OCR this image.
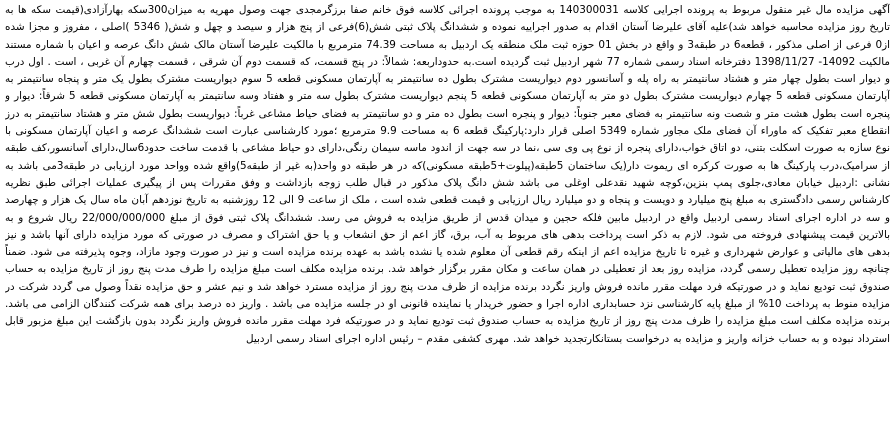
آگهی مزایده مال غیر منقول مربوط به پرونده اجرایی کلاسه 140300031 به موجب پرونده اجرائی کلاسه فوق خانم صفا برزگرمجدی جهت وصول مهریه به میزان300سکه بهارآزادی(قیمت سکه ها به تاریخ روز مزایده محاسبه خواهد شد)علیه آقای علیرضا آستان اقدام به صدور اجراییه نموده و ششدانگ پلاک ثبتی شش(6)فرعی از پنج هزار و سیصد و چهل و شش( 5346 )اصلی ، مفروز و مجزا شده از0 فرعی از اصلی مذکور ، قطعه6 در طبقه3 و واقع در بخش 01 حوزه ثبت ملک منطقه یک اردبیل به مساحت 74.39 مترمربع با مالکیت علیرضا آستان مالک شش دانگ عرصه و اعیان با شماره مستند مالکیت 14092- 1398/11/27 دفترخانه اسناد رسمی شماره 77 شهر اردبیل ثبت گردیده است.به حدوداربعه: شمالاً: در پنج قسمت، که قسمت دوم آن شرقی ، قسمت چهارم آن غربی ، است . اول درب و دیوار است بطول چهار متر و هشتاد سانتیمتر به راه پله و آسانسور دوم دیواریست مشترک بطول ده سانتیمتر به آپارتمان مسکونی قطعه 5 سوم دیواریست مشترک بطول یک متر و پنجاه سانتیمتر به آپارتمان مسکونی قطعه 5 چهارم دیواریست مشترک بطول دو متر به آپارتمان مسکونی قطعه 5 پنجم دیواریست مشترک بطول سه متر و هفتاد وسه سانتیمتر به آپارتمان مسکونی قطعه 5 شرقاً: دیوار و پنجره است بطول هشت متر و شصت ونه سانتیمتر به فضای معبر جنوباً: دیوار و پنجره است بطول ده متر و دو سانتیمتر به فضای حیاط مشاعی غرباً: دیواریست بطول شش متر و هشتاد سانتیمتر به درز انقطاع معبر تفکیک که ماوراء آن فضای ملک مجاور شماره 5349 اصلی قرار دارد:پارکینگ قطعه 6 به مساحت 9.9 مترمربع ؛مورد کارشناسی عبارت است ششدانگ عرصه و اعیان آپارتمان مسکونی با نوع سازه به صورت اسکلت بتنی، دو اتاق خواب،دارای پنجره از نوع پی وی سی ،نما در سه جهت از اندود ماسه سیمان رنگی،دارای دو حیاط مشاعی با قدمت ساخت حدود6سال،دارای آسانسور،کف طبقه از سرامیک،درب پارکینگ ها به صورت کرکره ای ریموت دار(یک ساختمان 5طبقه(پیلوت+5طبقه مسکونی)که در هر طبقه دو واحد(به غیر از طبقه5)واقع شده وواحد مورد ارزیابی در طبقه3می باشد به نشانی :اردبیل خیابان معادی،جلوی پمپ بنزین،کوچه شهید نقدعلی اوغلی می باشد شش دانگ پلاک مذکور در قبال طلب زوجه بازداشت و وفق مقررات پس از پیگیری عملیات اجرائی طبق نظریه کارشناس رسمی دادگستری به مبلغ پنج میلیارد و دویست و پنجاه و دو میلیارد ریال ارزیابی و قیمت قطعی شده است ، ملک از ساعت 9 الی 12 روزشنبه به تاریخ نوزدهم آبان ماه سال یک هزار و چهارصد و سه در اداره اجرای اسناد رسمی اردبیل واقع در اردبیل مابین فلکه حجین و میدان قدس از طریق مزایده به فروش می رسد. ششدانگ پلاک ثبتی فوق از مبلغ 22/000/000/000 ریال شروع و به بالاترین قیمت پیشنهادی فروخته می شود. لازم به ذکر است پرداخت بدهی های مربوط به آب، برق، گاز اعم از حق انشعاب و یا حق اشتراک و مصرف در صورتی که مورد مزایده دارای آنها باشد و نیز بدهی های مالیاتی و عوارض شهرداری و غیره تا تاریخ مزایده اعم از اینکه رقم قطعی آن معلوم شده یا نشده باشد به عهده برنده مزایده است و نیز در صورت وجود مازاد، وجوه پذیرفته می شود. ضمناً چنانچه روز مزایده تعطیل رسمی گردد، مزایده روز بعد از تعطیلی در همان ساعت و مکان مقرر برگزار خواهد شد. برنده مزایده مکلف است مبلغ مزایده را طرف مدت پنج روز از تاریخ مزایده به حساب صندوق ثبت تودیع نماید و در صورتیکه فرد مهلت مقرر مانده فروش واریز نگردد برنده مزایده از ظرف مدت پنج روز از مزایده مسترد خواهد شد و نیم عشر و حق مزایده نقداً وصول می گردد شرکت در مزایده منوط به پرداخت 10% از مبلغ پایه کارشناسی نزد حسابداری اداره اجرا و حضور خریدار یا نماینده قانونی او در جلسه مزایده می باشد . واریز ده درصد برای همه شرکت کنندگان الزامی می باشد. برنده مزایده مکلف است مبلغ مزایده را ظرف مدت پنج روز از تاریخ مزایده به حساب صندوق ثبت تودیع نماید و در صورتیکه فرد مهلت مقرر مانده فروش واریز نگردد بدون بازگشت این مبلغ مزبور قابل استرداد نبوده و به حساب خزانه واریز و مزایده به درخواست بستانکارتجدید خواهد شد. مهری کشفی مقدم – رئیس اداره اجرای اسناد رسمی اردبیل
